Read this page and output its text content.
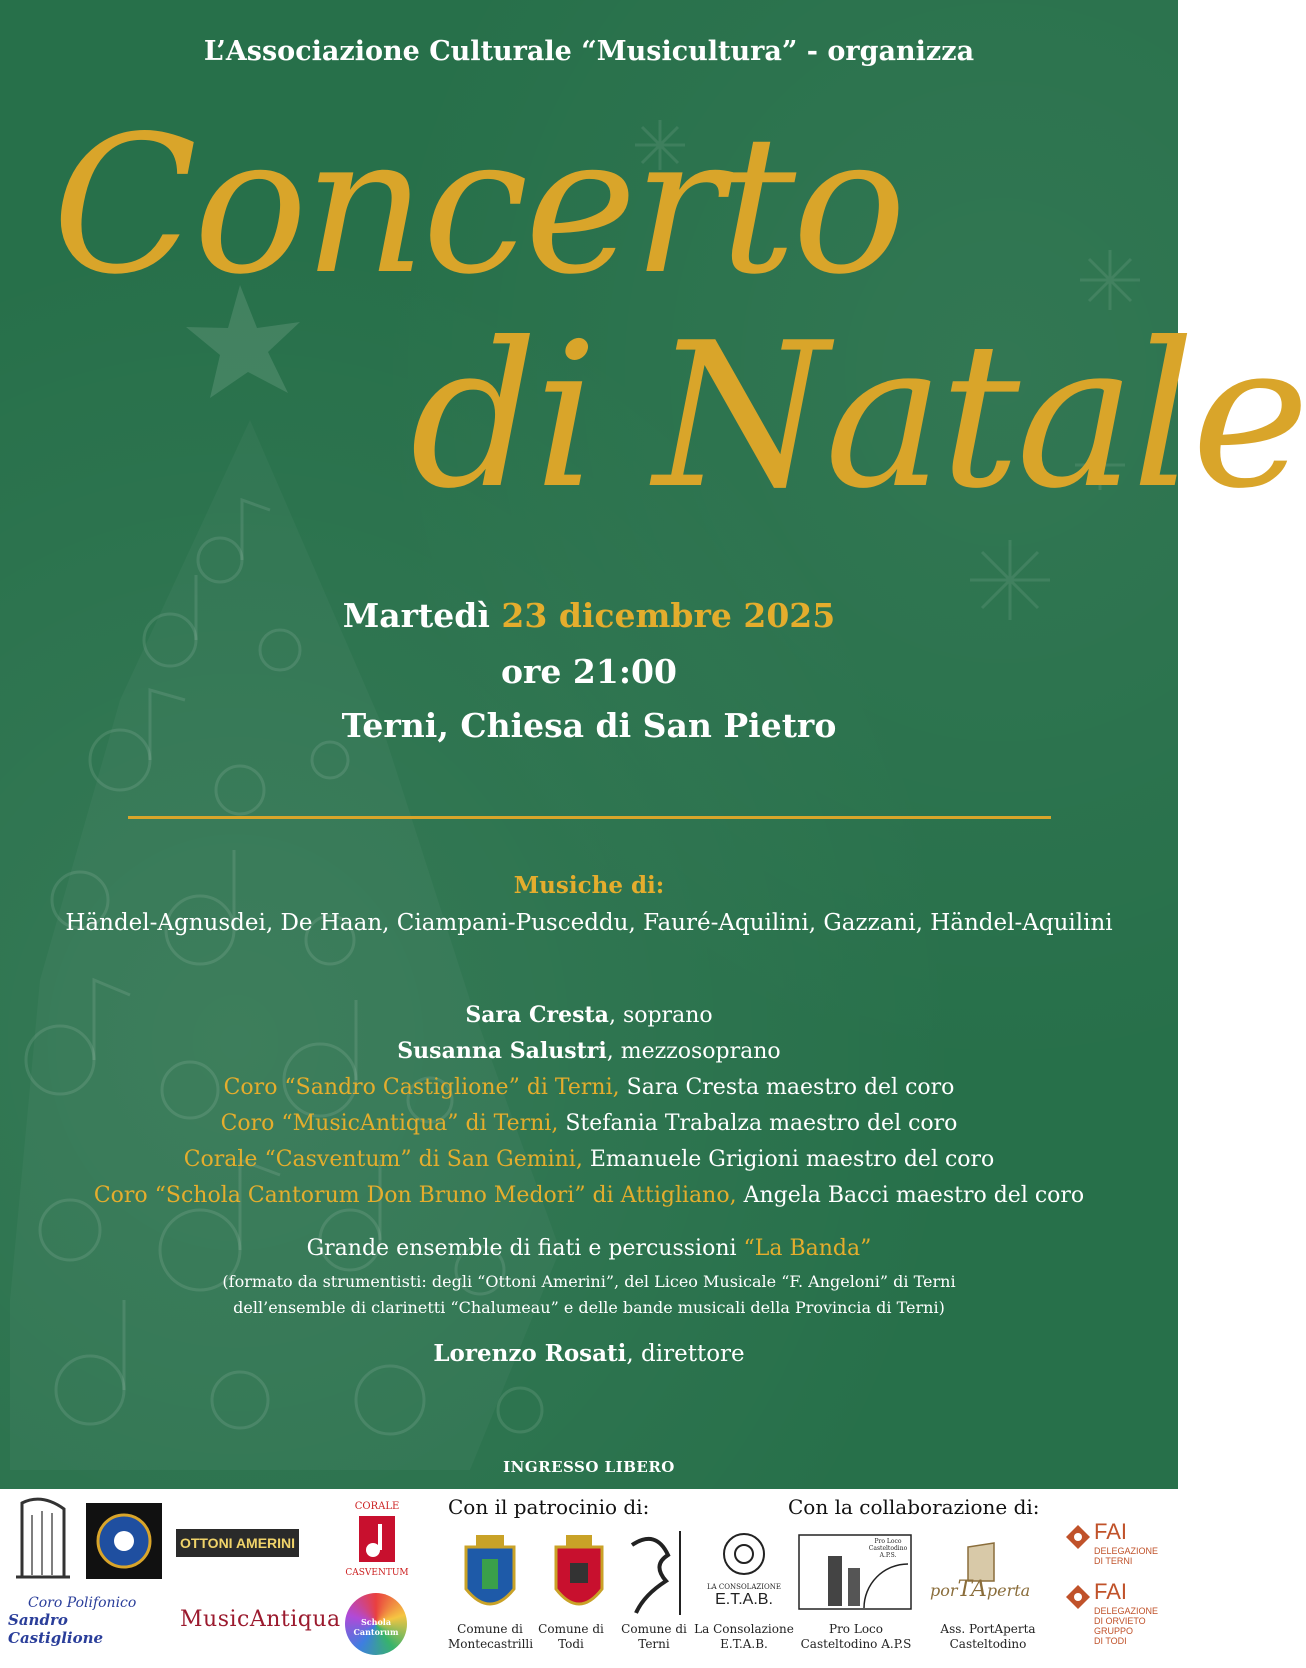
L’Associazione Culturale “Musicultura” - organizza
Concerto
di Natale
Martedì 23 dicembre 2025
ore 21:00
Terni, Chiesa di San Pietro
Musiche di:
Händel-Agnusdei, De Haan, Ciampani-Pusceddu, Fauré-Aquilini, Gazzani, Händel-Aquilini
Sara Cresta, soprano
Susanna Salustri, mezzosoprano
Coro “Sandro Castiglione” di Terni, Sara Cresta maestro del coro
Coro “MusicAntiqua” di Terni, Stefania Trabalza maestro del coro
Corale “Casventum” di San Gemini, Emanuele Grigioni maestro del coro
Coro “Schola Cantorum Don Bruno Medori” di Attigliano, Angela Bacci maestro del coro
Grande ensemble di fiati e percussioni “La Banda”
(formato da strumentisti: degli “Ottoni Amerini”, del Liceo Musicale “F. Angeloni” di Terni
dell’ensemble di clarinetti “Chalumeau” e delle bande musicali della Provincia di Terni)
Lorenzo Rosati, direttore
INGRESSO LIBERO
OTTONI AMERINI
CORALE
CASVENTUM
Coro Polifonico
Sandro Castiglione
MusicAntiqua	Schola Cantorum
Con il patrocinio di:	Con la collaborazione di:
LA CONSOLAZIONE
E.T.A.B.
Pro Loco Casteltodino A.P.S.
porTAperta
FAI
DELEGAZIONE
DI TERNI
FAI
DELEGAZIONE
DI ORVIETO
GRUPPO
DI TODI
Comune di
Montecastrilli
Comune di
Todi
Comune di
Terni
La Consolazione
E.T.A.B.
Pro Loco
Casteltodino A.P.S
Ass. PortAperta
Casteltodino
